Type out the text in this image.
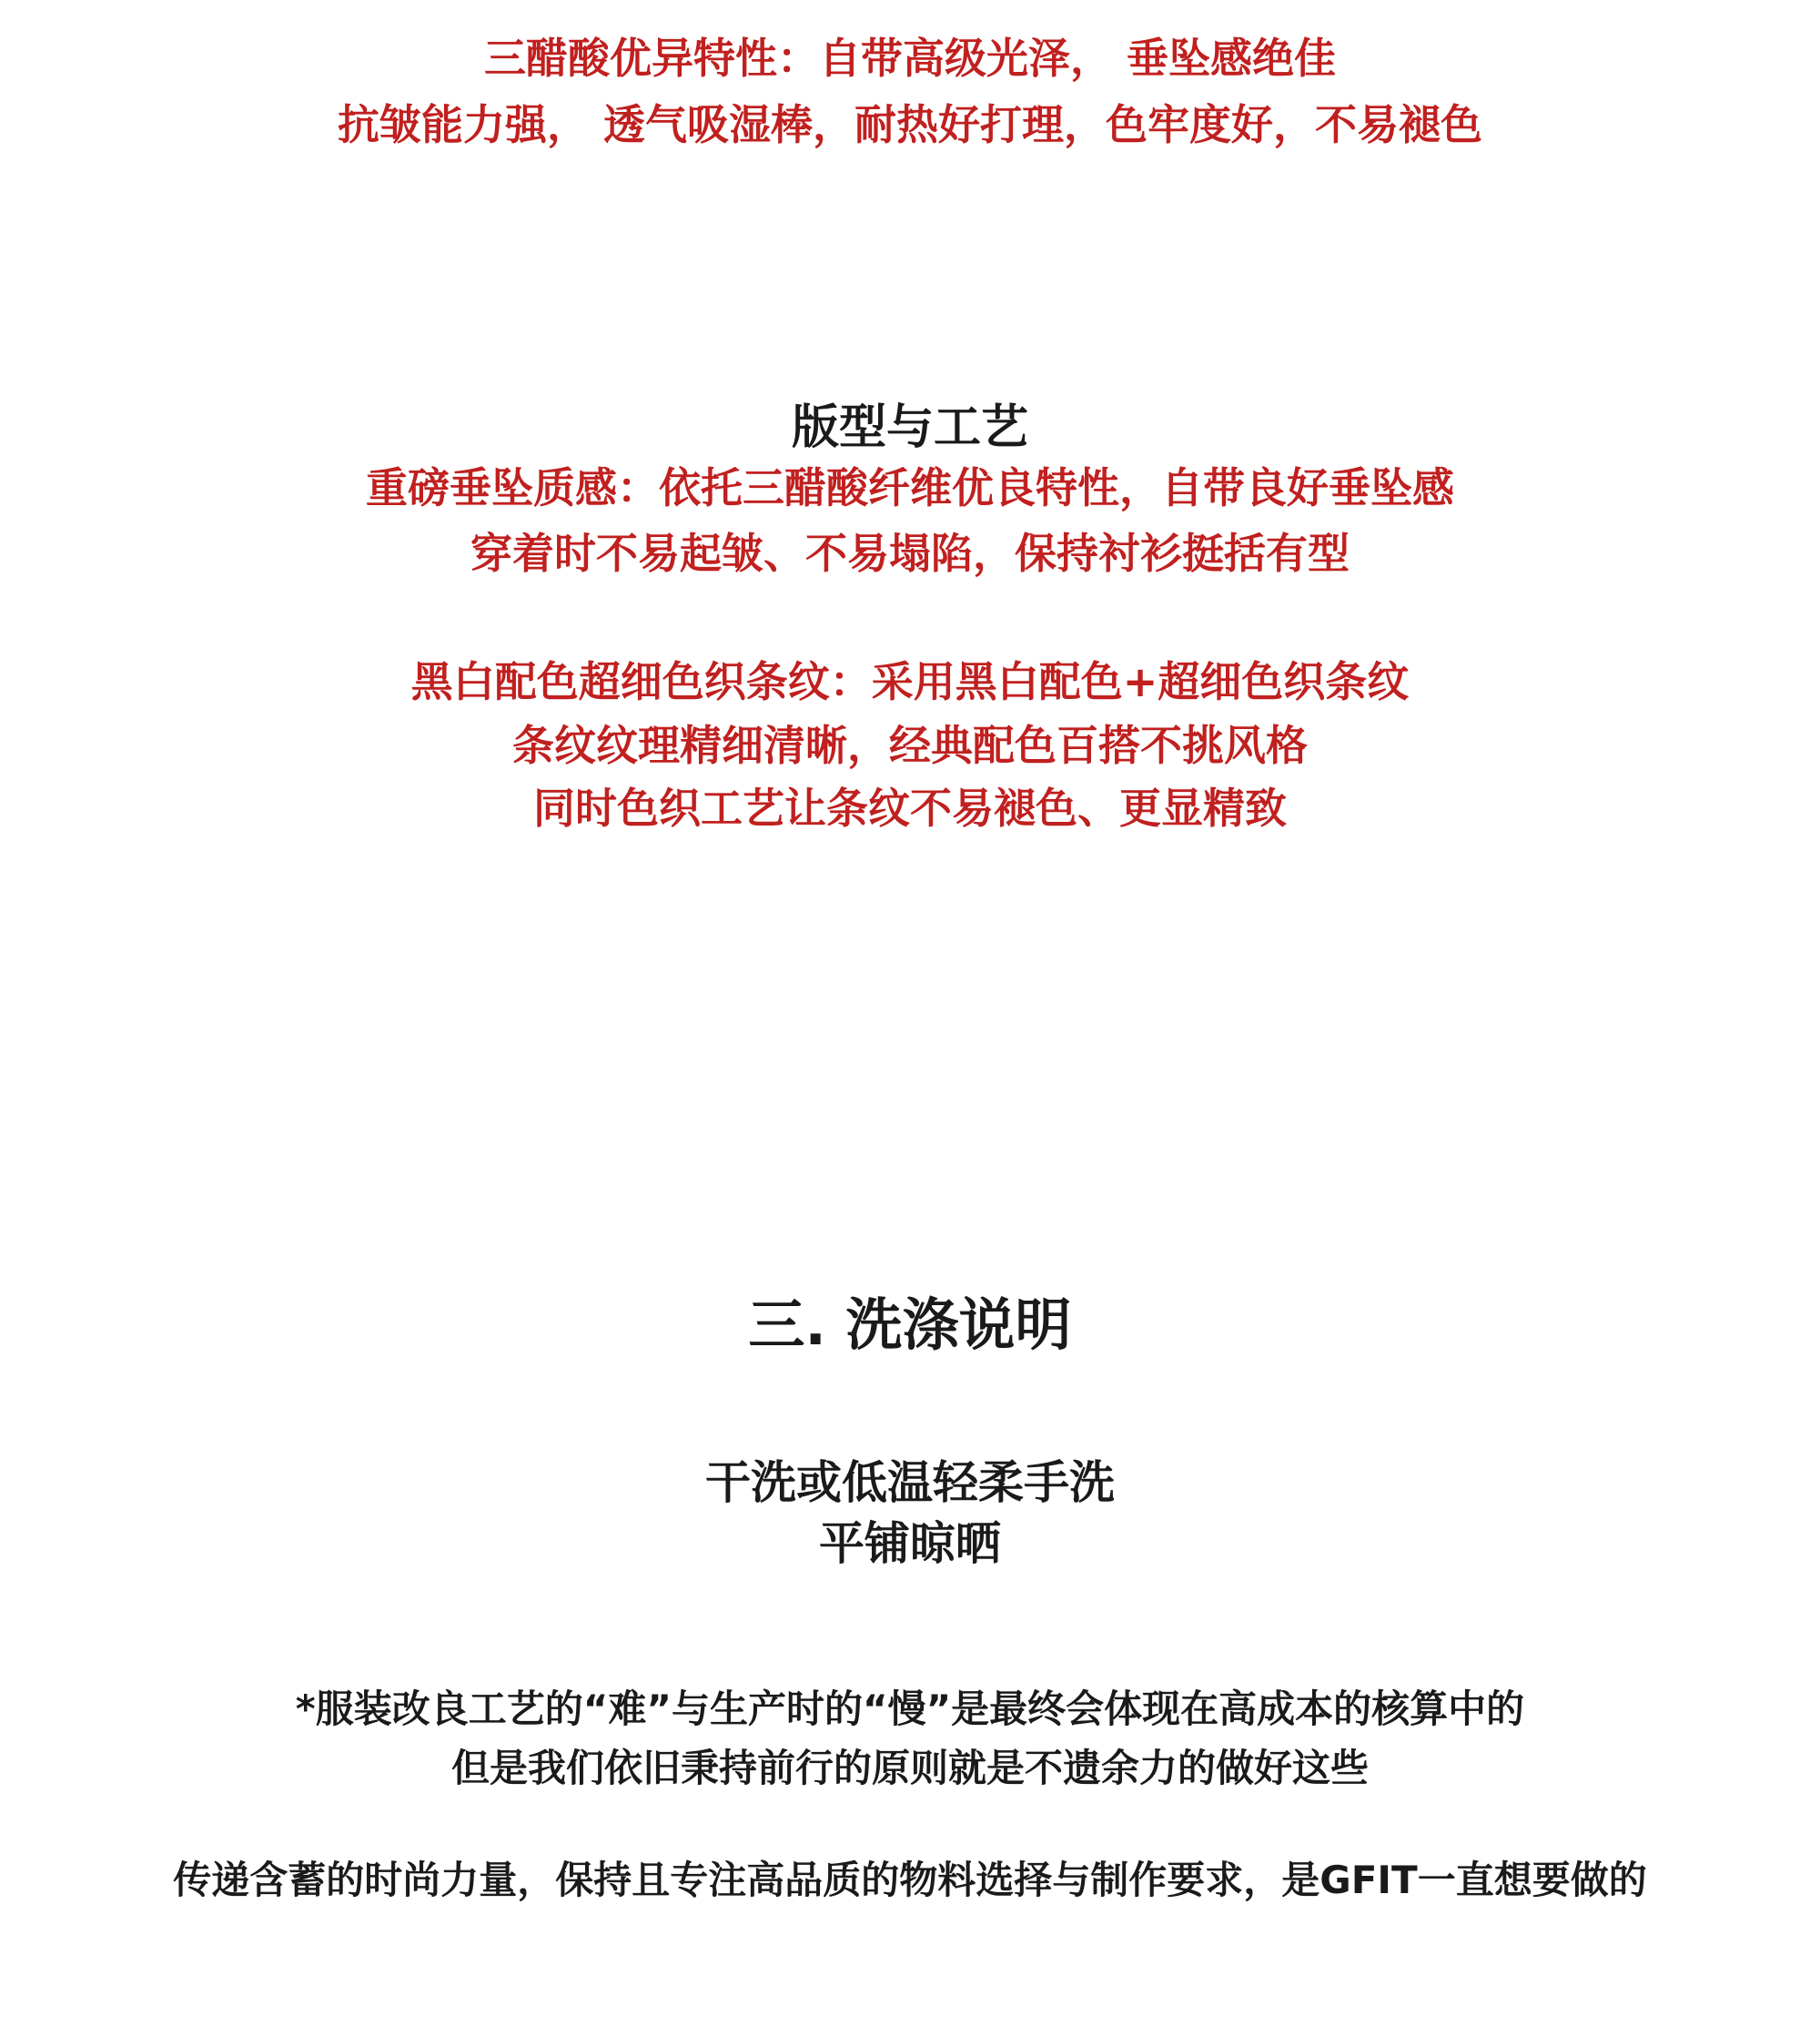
三醋酸优异特性：自带高级光泽， 垂坠感绝佳
抗皱能力强， 透气吸湿棒，耐热好打理，色牢度好，不易褪色
版型与工艺
重磅垂坠质感：依托三醋酸纤维优良特性，自带良好垂坠感
穿着时不易起皱、不易塌陷，保持衬衫挺括有型
黑白配色超细色织条纹：采用黑白配色+超细色织条纹
条纹纹理精细清晰，经典配色百搭不挑风格
同时色织工艺让条纹不易褪色、更显精致
三. 洗涤说明
干洗或低温轻柔手洗
平铺晾晒
*服装改良工艺的“难”与生产时的“慢”是最终会体现在高成本的核算中的
但是我们依旧秉持前行的原则就是不遗余力的做好这些
传递含蓄的时尚力量，保持且专注高品质的物料选择与制作要求，是GFIT一直想要做的
